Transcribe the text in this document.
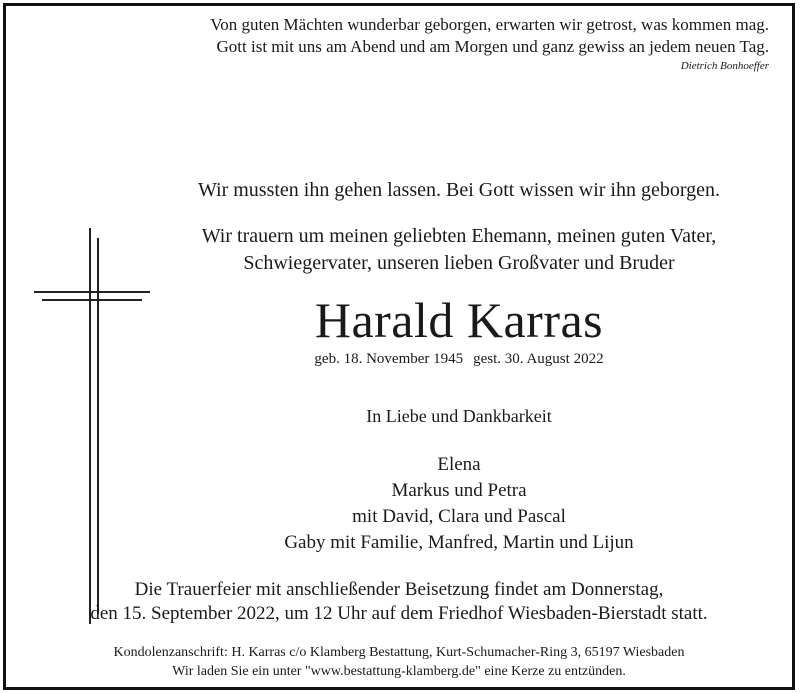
Von guten Mächten wunderbar geborgen, erwarten wir getrost, was kommen mag.
Gott ist mit uns am Abend und am Morgen und ganz gewiss an jedem neuen Tag.
Dietrich Bonhoeffer
Wir mussten ihn gehen lassen. Bei Gott wissen wir ihn geborgen.
Wir trauern um meinen geliebten Ehemann, meinen guten Vater,
Schwiegervater, unseren lieben Großvater und Bruder
Harald Karras
geb. 18. November 1945 gest. 30. August 2022
In Liebe und Dankbarkeit
Elena
Markus und Petra
mit David, Clara und Pascal
Gaby mit Familie, Manfred, Martin und Lijun
Die Trauerfeier mit anschließender Beisetzung findet am Donnerstag,
den 15. September 2022, um 12 Uhr auf dem Friedhof Wiesbaden-Bierstadt statt.
Kondolenzanschrift: H. Karras c/o Klamberg Bestattung, Kurt-Schumacher-Ring 3, 65197 Wiesbaden
Wir laden Sie ein unter "www.bestattung-klamberg.de" eine Kerze zu entzünden.
